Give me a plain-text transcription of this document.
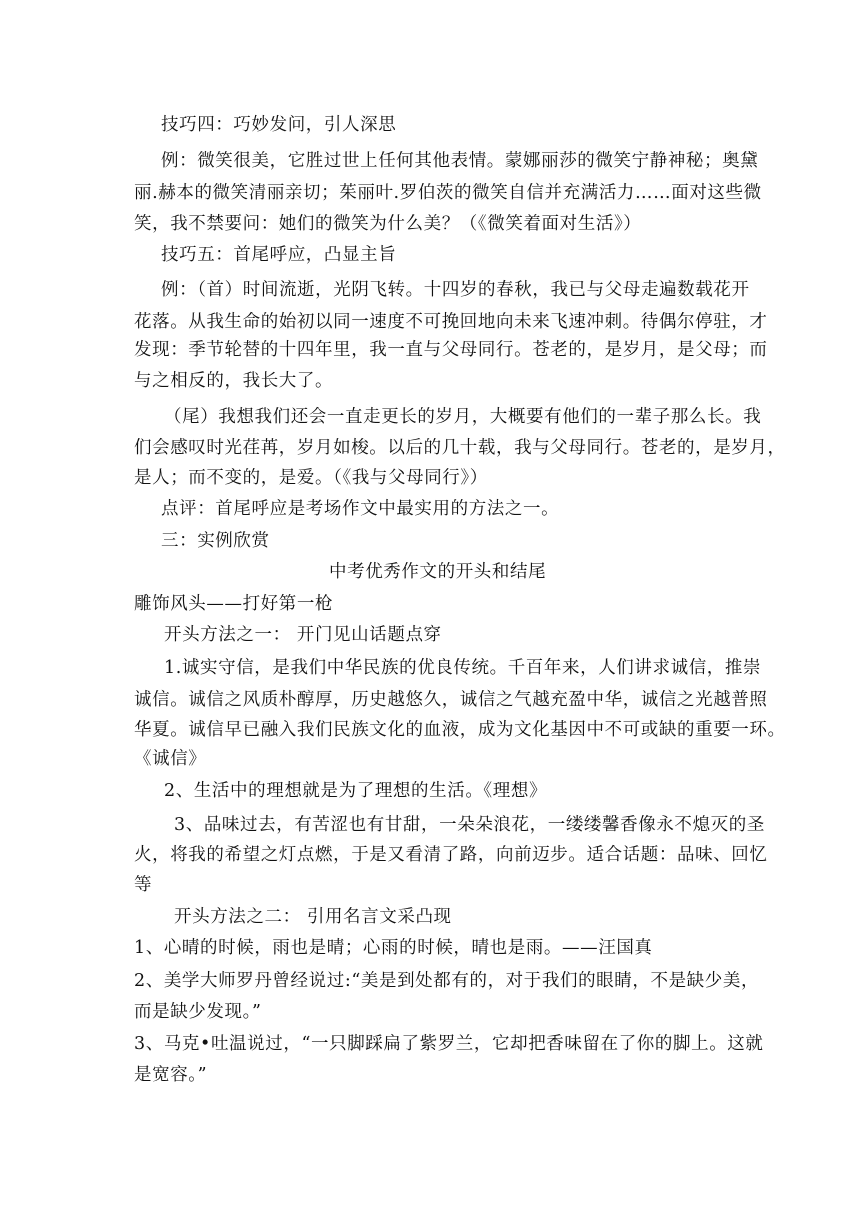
技巧四：巧妙发问，引人深思
例：微笑很美，它胜过世上任何其他表情。蒙娜丽莎的微笑宁静神秘；奥黛
丽.赫本的微笑清丽亲切；茱丽叶.罗伯茨的微笑自信并充满活力……面对这些微
笑，我不禁要问：她们的微笑为什么美？（《微笑着面对生活》）
技巧五：首尾呼应，凸显主旨
例：（首）时间流逝，光阴飞转。十四岁的春秋，我已与父母走遍数载花开
花落。从我生命的始初以同一速度不可挽回地向未来飞速冲刺。待偶尔停驻，才
发现：季节轮替的十四年里，我一直与父母同行。苍老的，是岁月，是父母；而
与之相反的，我长大了。
（尾）我想我们还会一直走更长的岁月，大概要有他们的一辈子那么长。我
们会感叹时光荏苒，岁月如梭。以后的几十载，我与父母同行。苍老的，是岁月，
是人；而不变的，是爱。（《我与父母同行》）
点评：首尾呼应是考场作文中最实用的方法之一。
三：实例欣赏
中考优秀作文的开头和结尾
雕饰风头——打好第一枪
开头方法之一： 开门见山话题点穿
1.诚实守信，是我们中华民族的优良传统。千百年来，人们讲求诚信，推崇
诚信。诚信之风质朴醇厚，历史越悠久，诚信之气越充盈中华，诚信之光越普照
华夏。诚信早已融入我们民族文化的血液，成为文化基因中不可或缺的重要一环。
《诚信》
2、生活中的理想就是为了理想的生活。《理想》
3、品味过去，有苦涩也有甘甜，一朵朵浪花，一缕缕馨香像永不熄灭的圣
火，将我的希望之灯点燃，于是又看清了路，向前迈步。适合话题：品味、回忆
等
开头方法之二： 引用名言文采凸现
1、心晴的时候，雨也是晴；心雨的时候，晴也是雨。——汪国真
2、美学大师罗丹曾经说过:“美是到处都有的，对于我们的眼睛，不是缺少美，
而是缺少发现。”
3、马克•吐温说过，“一只脚踩扁了紫罗兰，它却把香味留在了你的脚上。这就
是宽容。”
